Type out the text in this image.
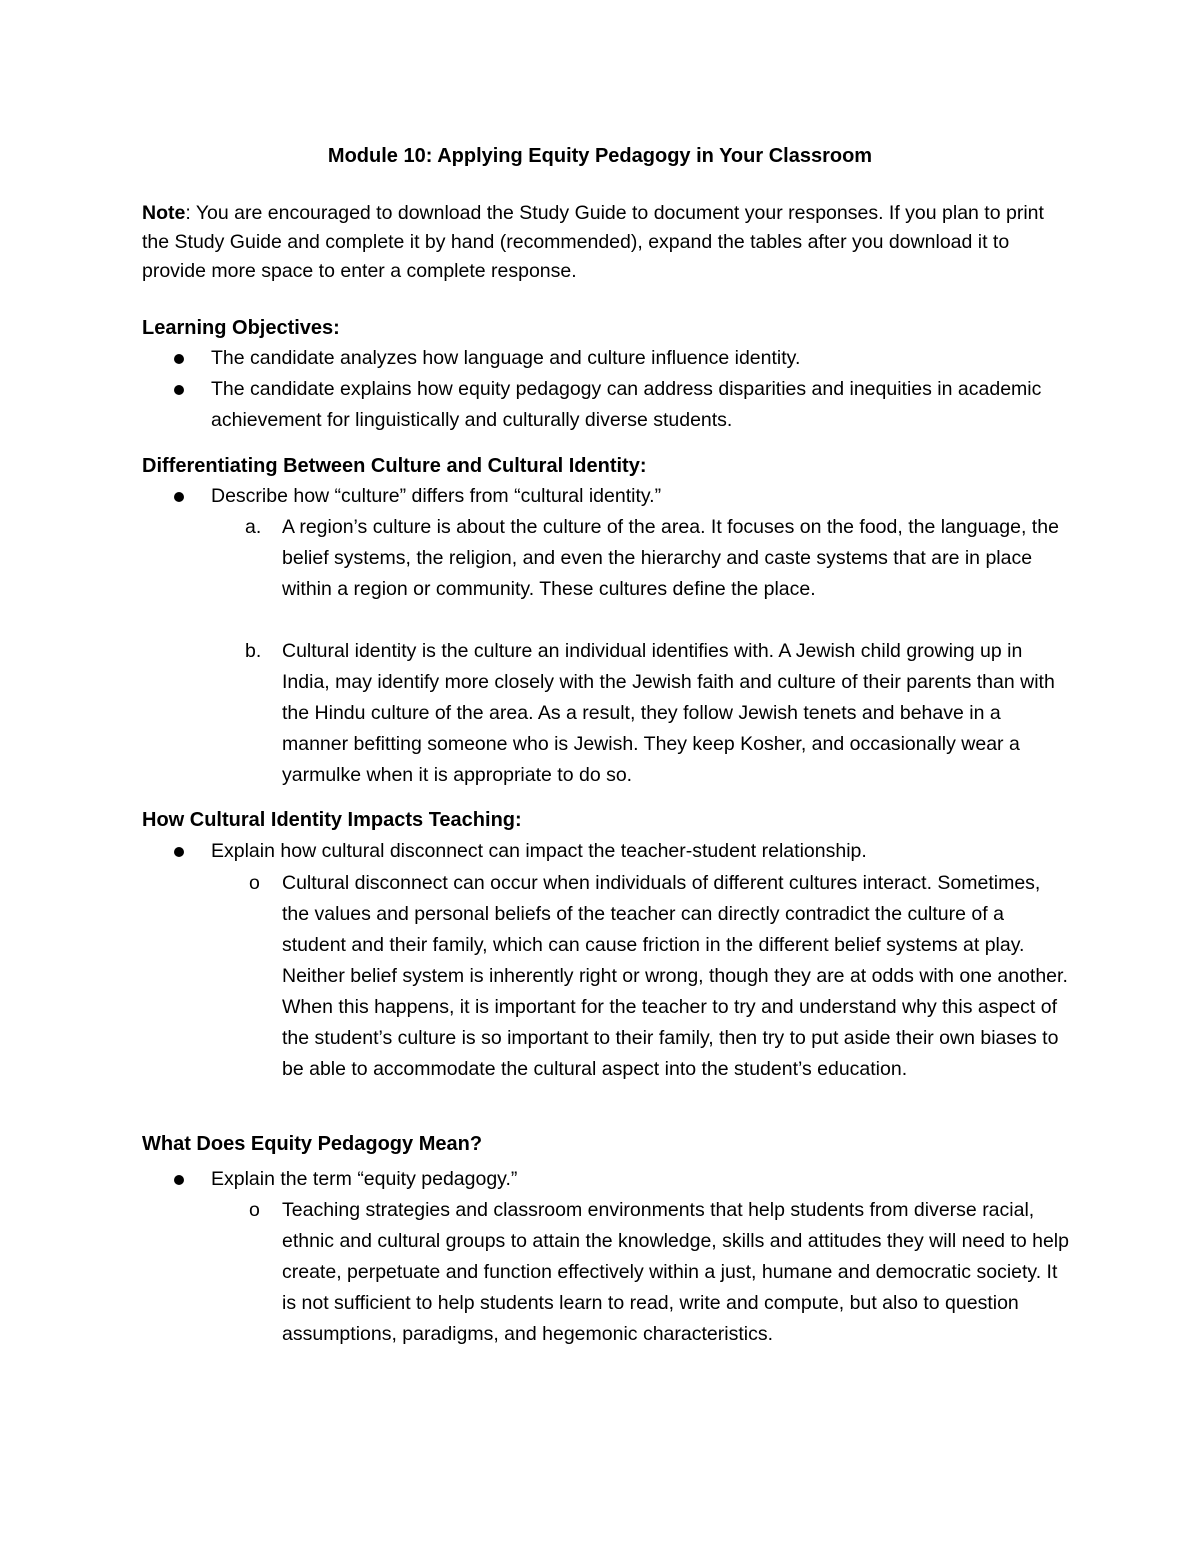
Module 10: Applying Equity Pedagogy in Your Classroom
Note: You are encouraged to download the Study Guide to document your responses. If you plan to print the Study Guide and complete it by hand (recommended), expand the tables after you download it to provide more space to enter a complete response.
Learning Objectives:
The candidate analyzes how language and culture influence identity.
The candidate explains how equity pedagogy can address disparities and inequities in academic achievement for linguistically and culturally diverse students.
Differentiating Between Culture and Cultural Identity:
Describe how “culture” differs from “cultural identity.”
a.	A region’s culture is about the culture of the area. It focuses on the food, the language, the belief systems, the religion, and even the hierarchy and caste systems that are in place within a region or community. These cultures define the place.
b.	Cultural identity is the culture an individual identifies with. A Jewish child growing up in India, may identify more closely with the Jewish faith and culture of their parents than with the Hindu culture of the area. As a result, they follow Jewish tenets and behave in a manner befitting someone who is Jewish. They keep Kosher, and occasionally wear a yarmulke when it is appropriate to do so.
How Cultural Identity Impacts Teaching:
Explain how cultural disconnect can impact the teacher-student relationship.
o Cultural disconnect can occur when individuals of different cultures interact. Sometimes, the values and personal beliefs of the teacher can directly contradict the culture of a student and their family, which can cause friction in the different belief systems at play. Neither belief system is inherently right or wrong, though they are at odds with one another. When this happens, it is important for the teacher to try and understand why this aspect of the student’s culture is so important to their family, then try to put aside their own biases to be able to accommodate the cultural aspect into the student’s education.
What Does Equity Pedagogy Mean?
Explain the term “equity pedagogy.”
o Teaching strategies and classroom environments that help students from diverse racial, ethnic and cultural groups to attain the knowledge, skills and attitudes they will need to help create, perpetuate and function effectively within a just, humane and democratic society. It is not sufficient to help students learn to read, write and compute, but also to question assumptions, paradigms, and hegemonic characteristics.
